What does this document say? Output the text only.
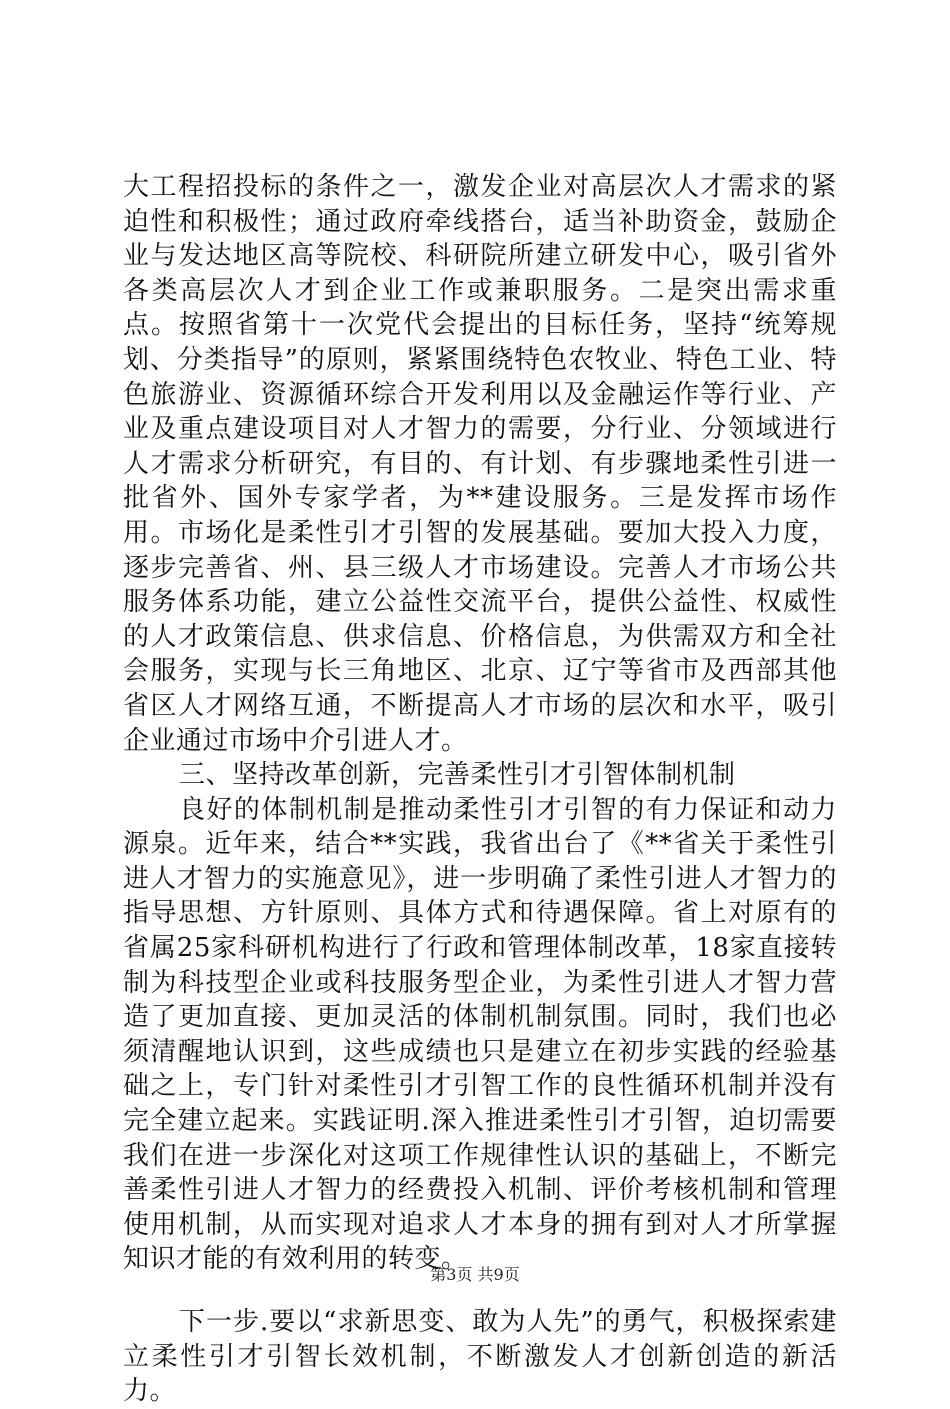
大工程招投标的条件之一，激发企业对高层次人才需求的紧迫性和积极性；通过政府牵线搭台，适当补助资金，鼓励企业与发达地区高等院校、科研院所建立研发中心，吸引省外各类高层次人才到企业工作或兼职服务。二是突出需求重点。按照省第十一次党代会提出的目标任务，坚持“统筹规划、分类指导”的原则，紧紧围绕特色农牧业、特色工业、特色旅游业、资源循环综合开发利用以及金融运作等行业、产业及重点建设项目对人才智力的需要，分行业、分领域进行人才需求分析研究，有目的、有计划、有步骤地柔性引进一批省外、国外专家学者，为**建设服务。三是发挥市场作用。市场化是柔性引才引智的发展基础。要加大投入力度，逐步完善省、州、县三级人才市场建设。完善人才市场公共服务体系功能，建立公益性交流平台，提供公益性、权威性的人才政策信息、供求信息、价格信息，为供需双方和全社会服务，实现与长三角地区、北京、辽宁等省市及西部其他省区人才网络互通，不断提高人才市场的层次和水平，吸引企业通过市场中介引进人才。

三、坚持改革创新，完善柔性引才引智体制机制

良好的体制机制是推动柔性引才引智的有力保证和动力源泉。近年来，结合**实践，我省出台了《**省关于柔性引进人才智力的实施意见》，进一步明确了柔性引进人才智力的指导思想、方针原则、具体方式和待遇保障。省上对原有的省属25家科研机构进行了行政和管理体制改革，18家直接转制为科技型企业或科技服务型企业，为柔性引进人才智力营造了更加直接、更加灵活的体制机制氛围。同时，我们也必须清醒地认识到，这些成绩也只是建立在初步实践的经验基础之上，专门针对柔性引才引智工作的良性循环机制并没有完全建立起来。实践证明.深入推进柔性引才引智，迫切需要我们在进一步深化对这项工作规律性认识的基础上，不断完善柔性引进人才智力的经费投入机制、评价考核机制和管理使用机制，从而实现对追求人才本身的拥有到对人才所掌握知识才能的有效利用的转变。

下一步.要以“求新思变、敢为人先”的勇气，积极探索建立柔性引才引智长效机制，不断激发人才创新创造的新活力。

第3页 共9页
